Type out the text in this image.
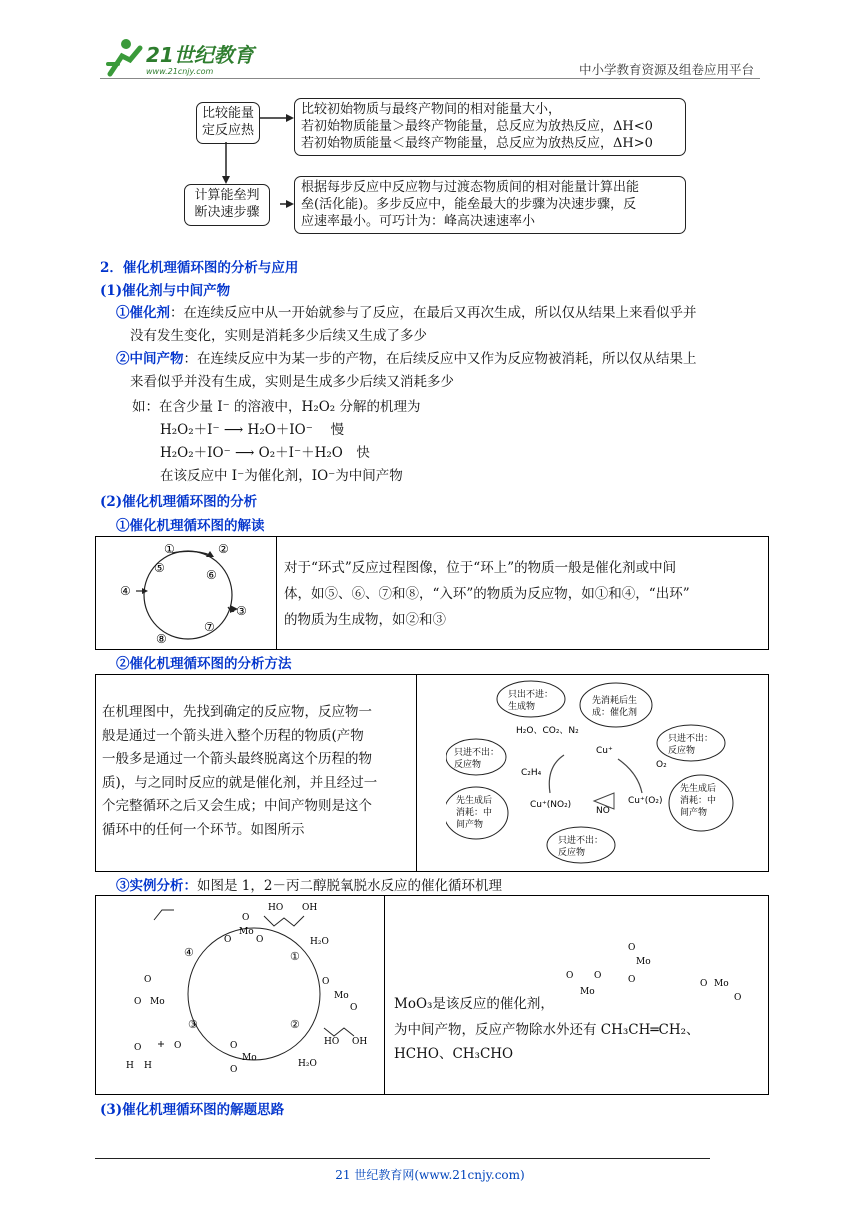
21世纪教育
www.21cnjy.com	中小学教育资源及组卷应用平台
比较能量
定反应热
比较初始物质与最终产物间的相对能量大小，
若初始物质能量＞最终产物能量，总反应为放热反应，ΔH<0
若初始物质能量＜最终产物能量，总反应为放热反应，ΔH>0
计算能垒判
断决速步骤
根据每步反应中反应物与过渡态物质间的相对能量计算出能
垒(活化能)。多步反应中，能垒最大的步骤为决速步骤，反
应速率最小。可巧计为：峰高决速速率小
2．催化机理循环图的分析与应用
(1)催化剂与中间产物
①催化剂：在连续反应中从一开始就参与了反应，在最后又再次生成，所以仅从结果上来看似乎并
没有发生变化，实则是消耗多少后续又生成了多少
②中间产物：在连续反应中为某一步的产物，在后续反应中又作为反应物被消耗，所以仅从结果上
来看似乎并没有生成，实则是生成多少后续又消耗多少
如：在含少量 I⁻ 的溶液中，H₂O₂ 分解的机理为
H₂O₂＋I⁻ ⟶ H₂O＋IO⁻　 慢
H₂O₂＋IO⁻ ⟶ O₂＋I⁻＋H₂O　快
在该反应中 I⁻为催化剂，IO⁻为中间产物
(2)催化机理循环图的分析
①催化机理循环图的解读
①	②
③
④
⑤	⑥
⑦
⑧
对于“环式”反应过程图像，位于“环上”的物质一般是催化剂或中间
体，如⑤、⑥、⑦和⑧，“入环”的物质为反应物，如①和④，“出环”
的物质为生成物，如②和③
②催化机理循环图的分析方法
在机理图中，先找到确定的反应物，反应物一
般是通过一个箭头进入整个历程的物质(产物
一般多是通过一个箭头最终脱离这个历程的物
质)，与之同时反应的就是催化剂，并且经过一
个完整循环之后又会生成；中间产物则是这个
循环中的任何一个环节。如图所示
只出不进：
生成物
先消耗后生
成：催化剂
只进不出：
反应物
只进不出：
反应物
先生成后
消耗：中
间产物
先生成后
消耗：中
间产物
只进不出：
反应物
H₂O、CO₂、N₂
Cu⁺
O₂
C₂H₄
Cu⁺(NO₂)	Cu⁺(O₂)
NO
③实例分析：如图是 1，2－丙二醇脱氧脱水反应的催化循环机理
Mo
O
O	O
HO OH
H₂O
O
O Mo
Mo
O
O
Mo
O
O
HO OH
H₂O
H H
O	O
④	①
②
③
O
Mo
O
Mo
O
O	Mo
O
O
MoO₃是该反应的催化剂，
为中间产物，反应产物除水外还有 CH₃CH═CH₂、
HCHO、CH₃CHO
(3)催化机理循环图的解题思路
21 世纪教育网(www.21cnjy.com)
